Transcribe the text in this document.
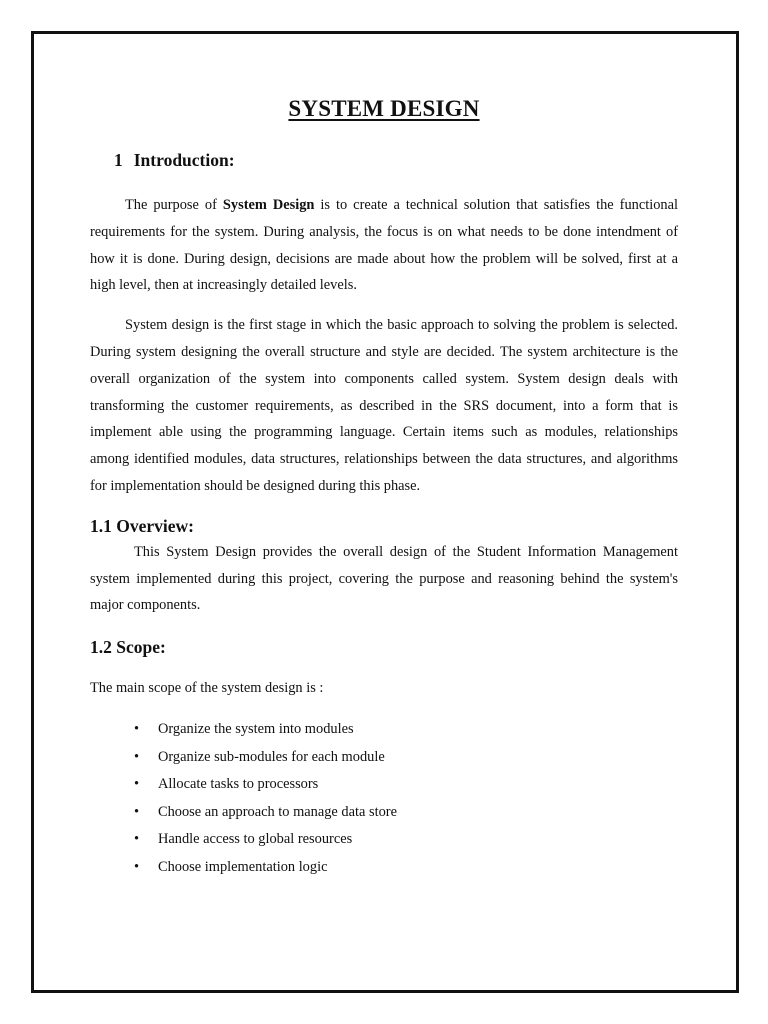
SYSTEM DESIGN
1 Introduction:

The purpose of System Design is to create a technical solution that satisfies the functional requirements for the system. During analysis, the focus is on what needs to be done intendment of how it is done. During design, decisions are made about how the problem will be solved, first at a high level, then at increasingly detailed levels.

System design is the first stage in which the basic approach to solving the problem is selected. During system designing the overall structure and style are decided. The system architecture is the overall organization of the system into components called system. System design deals with transforming the customer requirements, as described in the SRS document, into a form that is implement able using the programming language. Certain items such as modules, relationships among identified modules, data structures, relationships between the data structures, and algorithms for implementation should be designed during this phase.

1.1 Overview:

This System Design provides the overall design of the Student Information Management system implemented during this project, covering the purpose and reasoning behind the system's major components.

1.2 Scope:

The main scope of the system design is :

• Organize the system into modules
• Organize sub-modules for each module
• Allocate tasks to processors
• Choose an approach to manage data store
• Handle access to global resources
• Choose implementation logic
